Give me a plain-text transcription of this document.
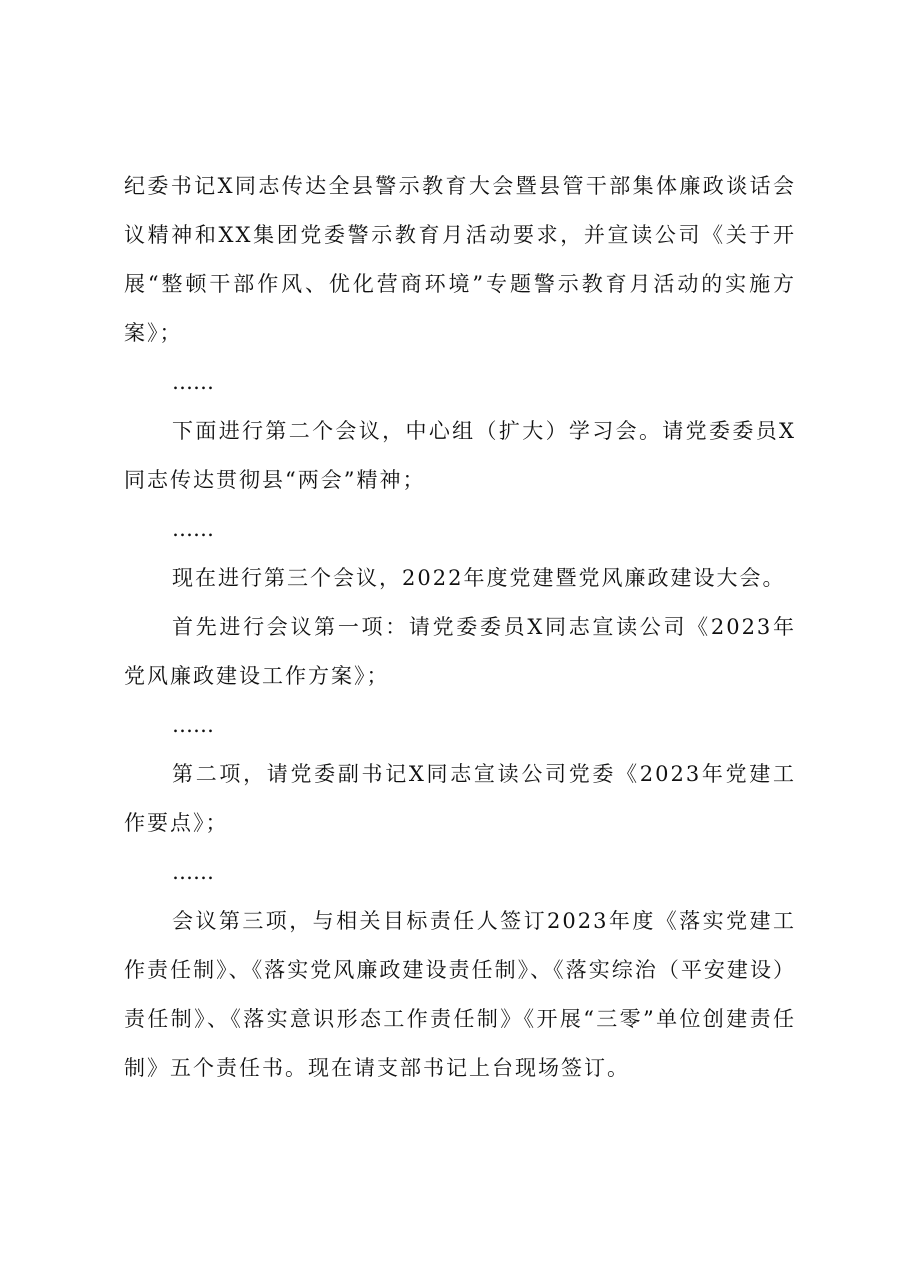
纪委书记X同志传达全县警示教育大会暨县管干部集体廉政谈话会议精神和XX集团党委警示教育月活动要求，并宣读公司《关于开展“整顿干部作风、优化营商环境”专题警示教育月活动的实施方案》；

……

下面进行第二个会议，中心组（扩大）学习会。请党委委员X同志传达贯彻县“两会”精神；

……

现在进行第三个会议，2022年度党建暨党风廉政建设大会。

首先进行会议第一项：请党委委员X同志宣读公司《2023年党风廉政建设工作方案》；

……

第二项，请党委副书记X同志宣读公司党委《2023年党建工作要点》；

……

会议第三项，与相关目标责任人签订2023年度《落实党建工作责任制》、《落实党风廉政建设责任制》、《落实综治（平安建设）责任制》、《落实意识形态工作责任制》《开展“三零”单位创建责任制》五个责任书。现在请支部书记上台现场签订。
